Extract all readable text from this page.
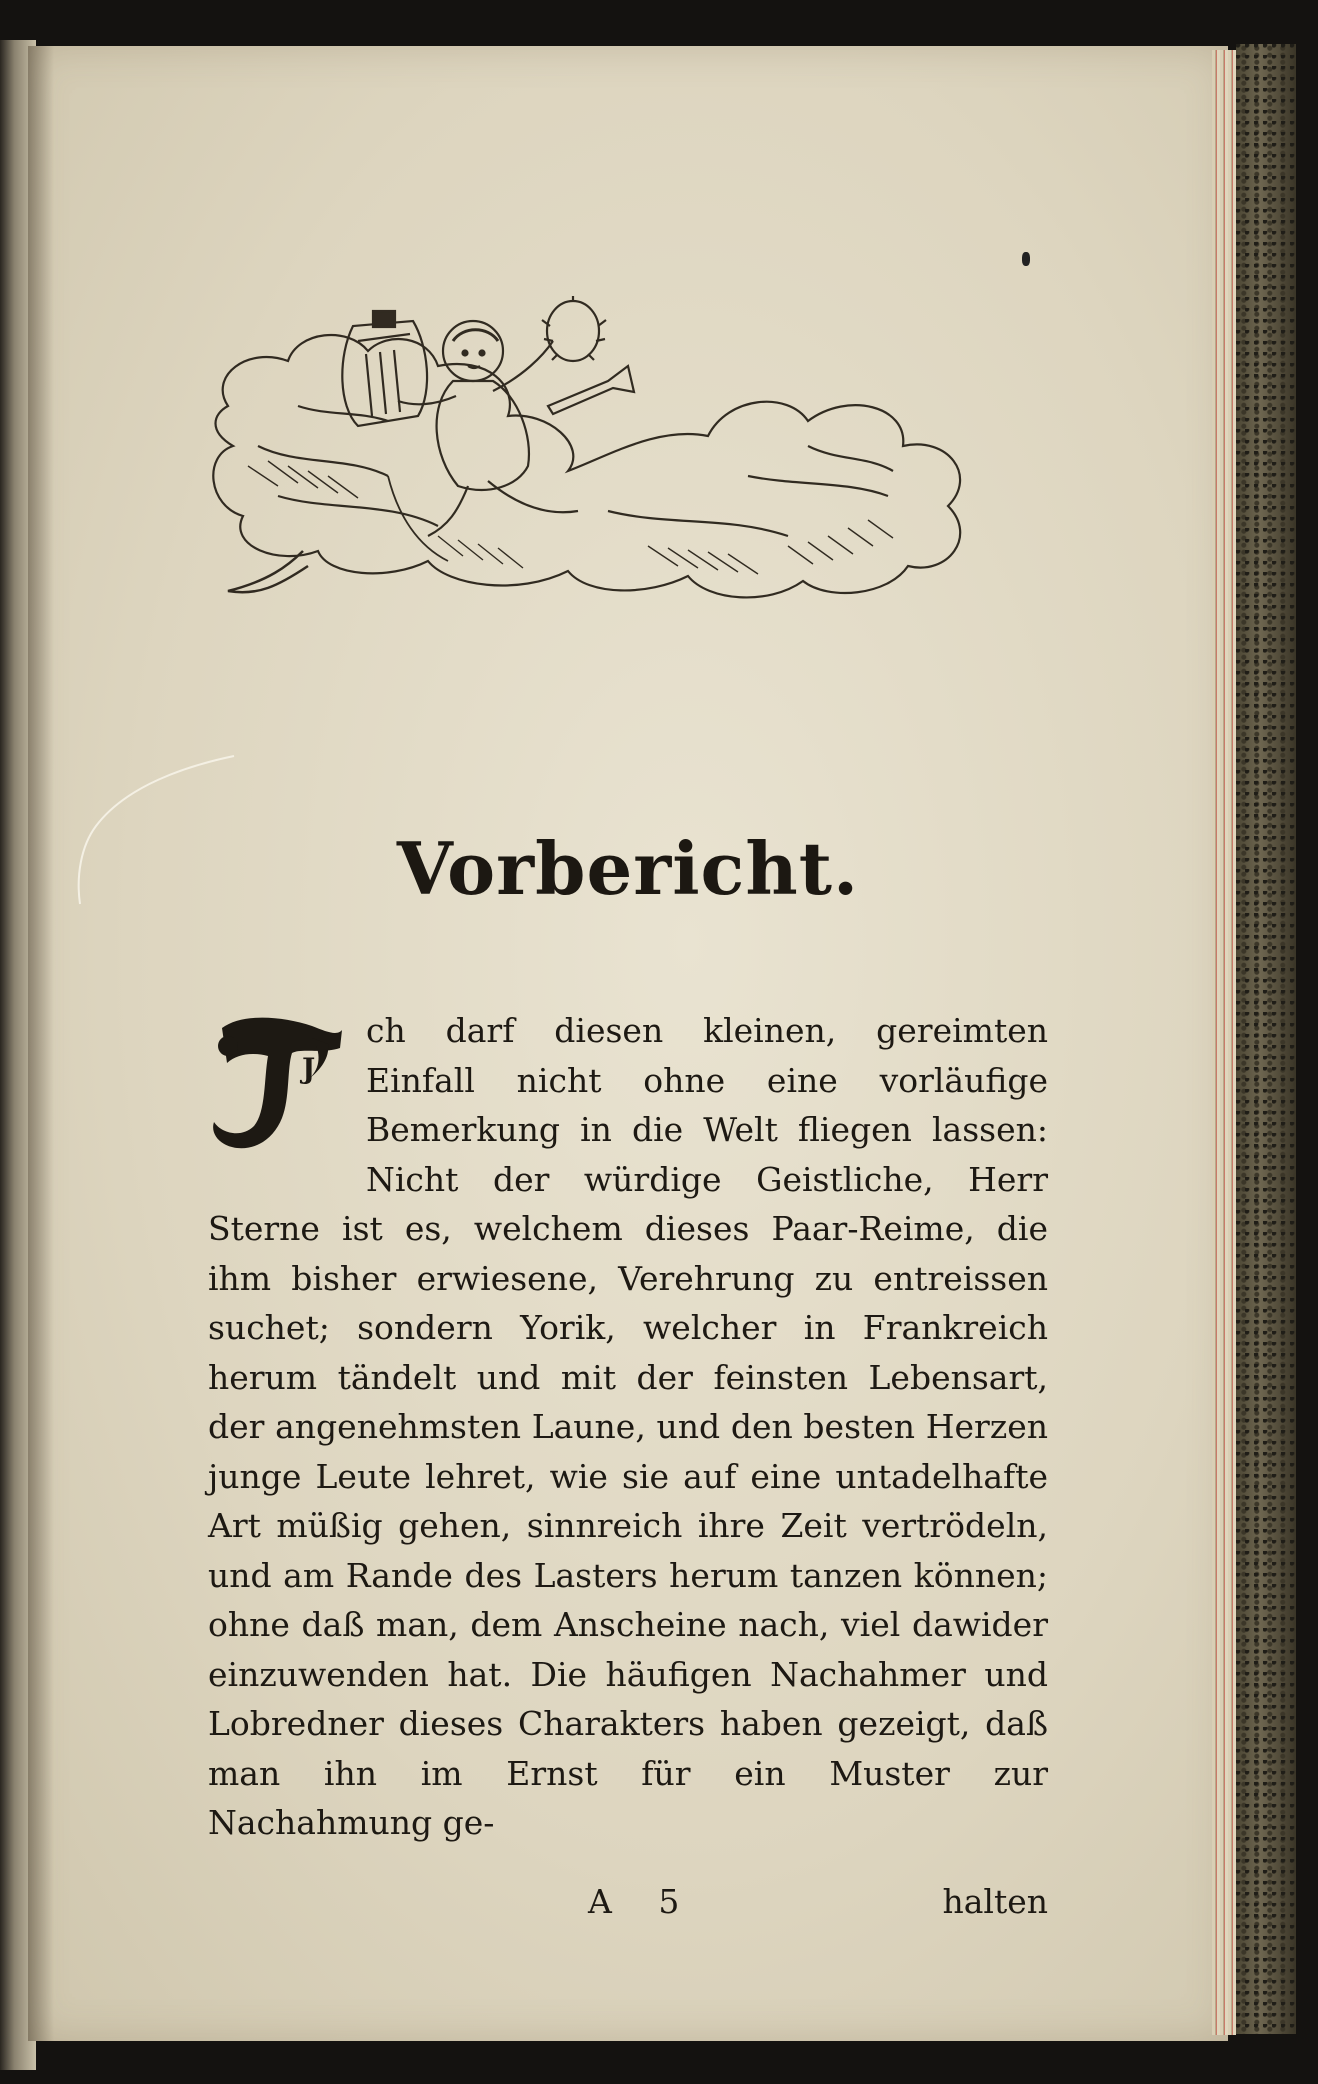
Vorbericht.
J

ch darf diesen kleinen, gereimten Einfall nicht ohne eine vorläufige Bemerkung in die Welt fliegen lassen: Nicht der würdige Geistliche, Herr Sterne ist es, welchem dieses Paar-Reime, die ihm bisher erwiesene, Verehrung zu entreissen suchet; sondern Yorik, welcher in Frankreich herum tändelt und mit der feinsten Lebensart, der angenehmsten Laune, und den besten Herzen junge Leute lehret, wie sie auf eine untadelhafte Art müßig gehen, sinnreich ihre Zeit vertrödeln, und am Rande des Lasters herum tanzen können; ohne daß man, dem Anscheine nach, viel dawider einzuwenden hat. Die häufigen Nachahmer und Lobredner dieses Charakters haben gezeigt, daß man ihn im Ernst für ein Muster zur Nachahmung ge-

A 5	halten
